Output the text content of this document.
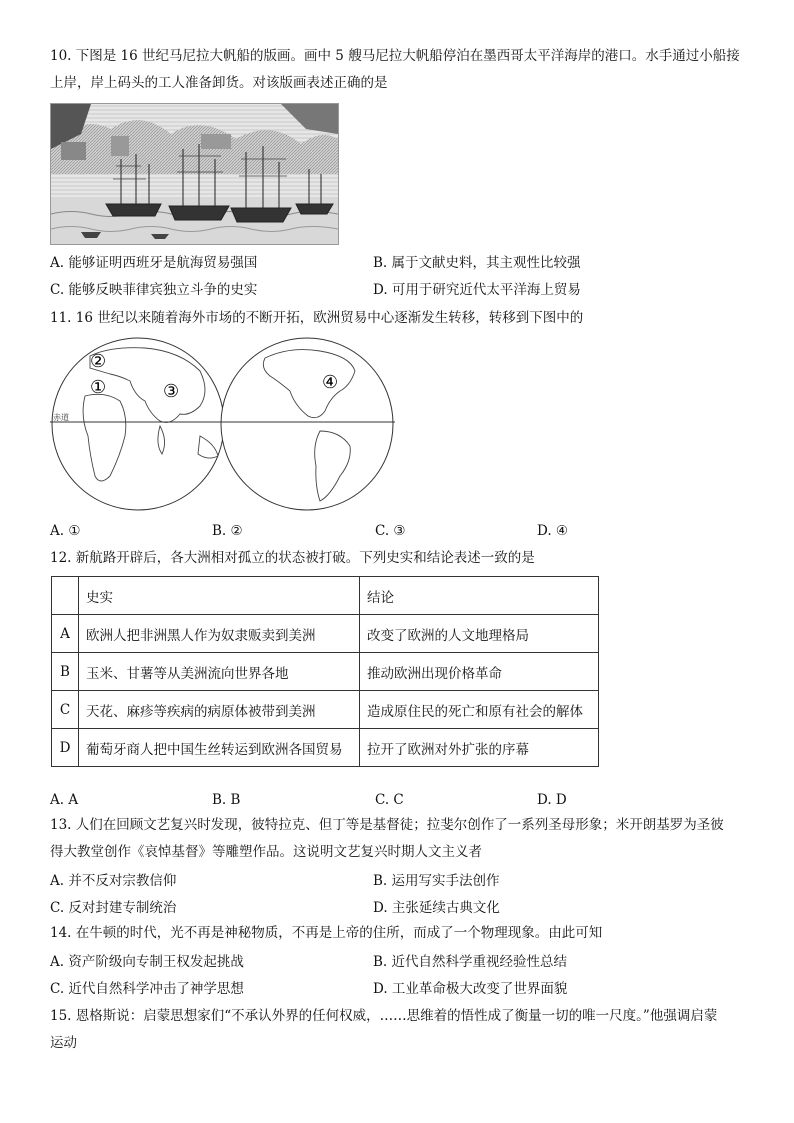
10. 下图是 16 世纪马尼拉大帆船的版画。画中 5 艘马尼拉大帆船停泊在墨西哥太平洋海岸的港口。水手通过小船接
上岸，岸上码头的工人准备卸货。对该版画表述正确的是
A. 能够证明西班牙是航海贸易强国	B. 属于文献史料，其主观性比较强
C. 能够反映菲律宾独立斗争的史实	D. 可用于研究近代太平洋海上贸易
11. 16 世纪以来随着海外市场的不断开拓，欧洲贸易中心逐渐发生转移，转移到下图中的
赤道
②
①	③	④
A. ①	B. ②	C. ③	D. ④
12. 新航路开辟后，各大洲相对孤立的状态被打破。下列史实和结论表述一致的是
	史实	结论
A	欧洲人把非洲黑人作为奴隶贩卖到美洲	改变了欧洲的人文地理格局
B	玉米、甘薯等从美洲流向世界各地	推动欧洲出现价格革命
C	天花、麻疹等疾病的病原体被带到美洲	造成原住民的死亡和原有社会的解体
D	葡萄牙商人把中国生丝转运到欧洲各国贸易	拉开了欧洲对外扩张的序幕
A. A	B. B	C. C	D. D
13. 人们在回顾文艺复兴时发现，彼特拉克、但丁等是基督徒；拉斐尔创作了一系列圣母形象；米开朗基罗为圣彼
得大教堂创作《哀悼基督》等雕塑作品。这说明文艺复兴时期人文主义者
A. 并不反对宗教信仰	B. 运用写实手法创作
C. 反对封建专制统治	D. 主张延续古典文化
14. 在牛顿的时代，光不再是神秘物质，不再是上帝的住所，而成了一个物理现象。由此可知
A. 资产阶级向专制王权发起挑战	B. 近代自然科学重视经验性总结
C. 近代自然科学冲击了神学思想	D. 工业革命极大改变了世界面貌
15. 恩格斯说：启蒙思想家们“不承认外界的任何权威，……思维着的悟性成了衡量一切的唯一尺度。”他强调启蒙
运动
